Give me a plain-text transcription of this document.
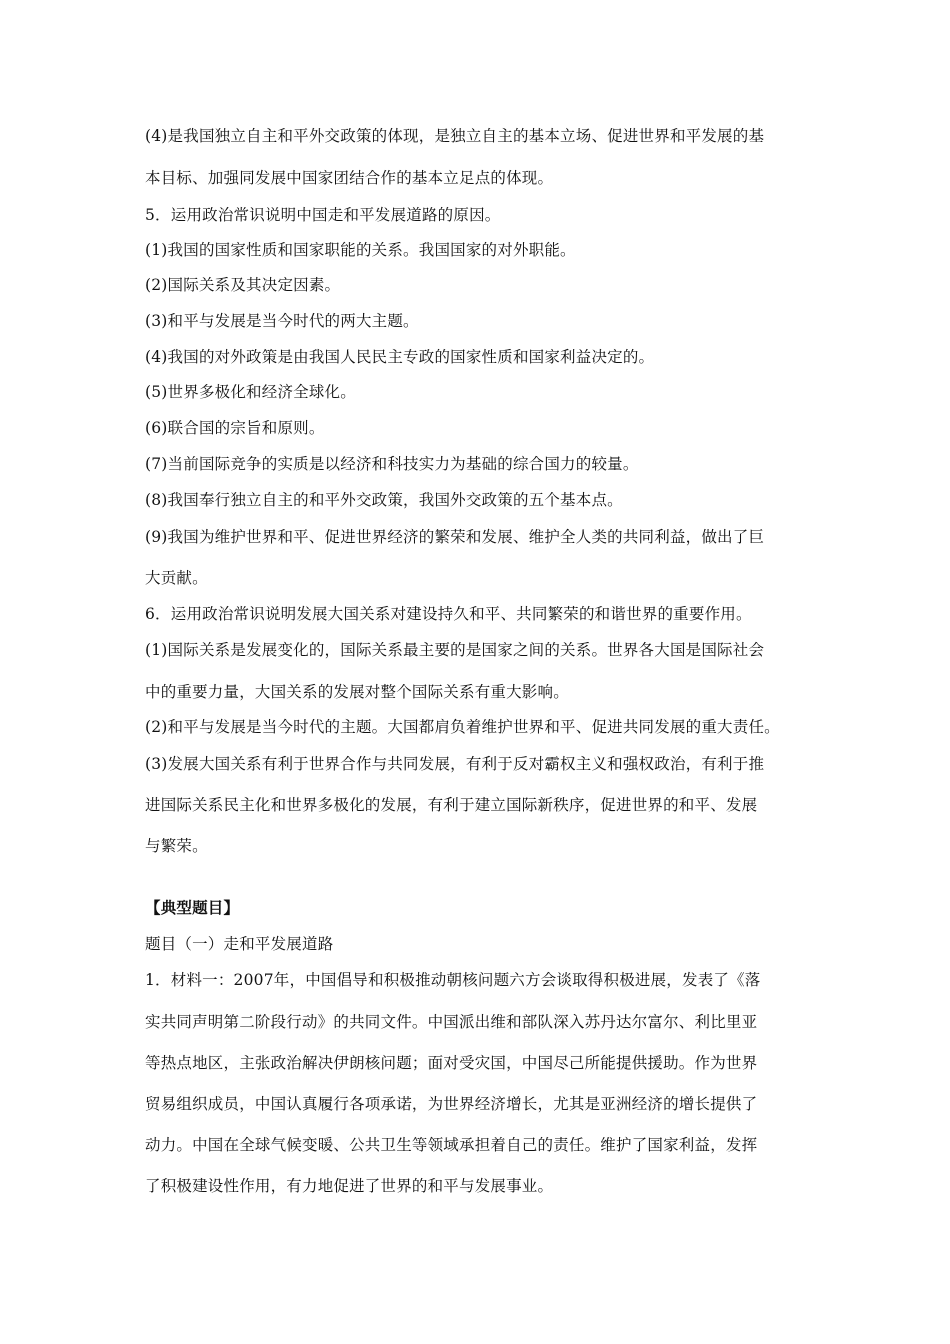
(4)是我国独立自主和平外交政策的体现，是独立自主的基本立场、促进世界和平发展的基
本目标、加强同发展中国家团结合作的基本立足点的体现。
5．运用政治常识说明中国走和平发展道路的原因。
(1)我国的国家性质和国家职能的关系。我国国家的对外职能。
(2)国际关系及其决定因素。
(3)和平与发展是当今时代的两大主题。
(4)我国的对外政策是由我国人民民主专政的国家性质和国家利益决定的。
(5)世界多极化和经济全球化。
(6)联合国的宗旨和原则。
(7)当前国际竞争的实质是以经济和科技实力为基础的综合国力的较量。
(8)我国奉行独立自主的和平外交政策，我国外交政策的五个基本点。
(9)我国为维护世界和平、促进世界经济的繁荣和发展、维护全人类的共同利益，做出了巨
大贡献。
6．运用政治常识说明发展大国关系对建设持久和平、共同繁荣的和谐世界的重要作用。
(1)国际关系是发展变化的，国际关系最主要的是国家之间的关系。世界各大国是国际社会
中的重要力量，大国关系的发展对整个国际关系有重大影响。
(2)和平与发展是当今时代的主题。大国都肩负着维护世界和平、促进共同发展的重大责任。
(3)发展大国关系有利于世界合作与共同发展，有利于反对霸权主义和强权政治，有利于推
进国际关系民主化和世界多极化的发展，有利于建立国际新秩序，促进世界的和平、发展
与繁荣。
【典型题目】
题目（一）走和平发展道路
1．材料一：2007年，中国倡导和积极推动朝核问题六方会谈取得积极进展，发表了《落
实共同声明第二阶段行动》的共同文件。中国派出维和部队深入苏丹达尔富尔、利比里亚
等热点地区，主张政治解决伊朗核问题；面对受灾国，中国尽己所能提供援助。作为世界
贸易组织成员，中国认真履行各项承诺，为世界经济增长，尤其是亚洲经济的增长提供了
动力。中国在全球气候变暖、公共卫生等领域承担着自己的责任。维护了国家利益，发挥
了积极建设性作用，有力地促进了世界的和平与发展事业。
